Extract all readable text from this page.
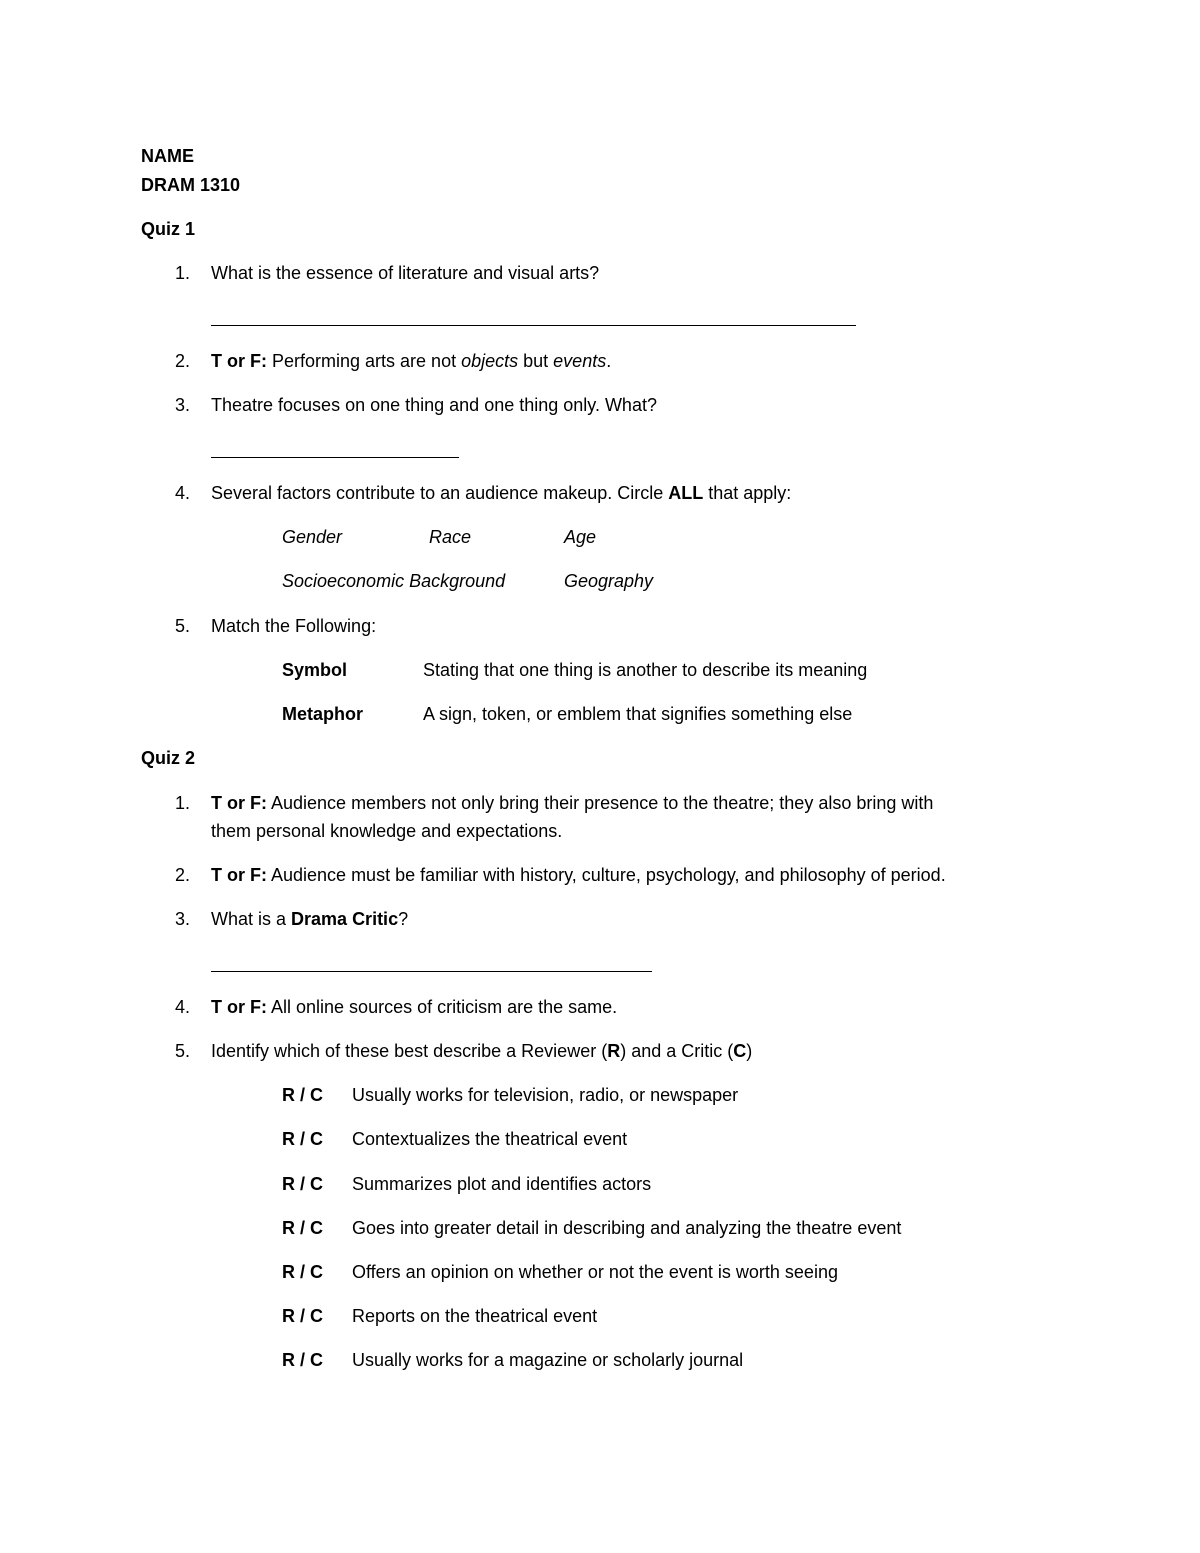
NAME
DRAM 1310
Quiz 1
1. What is the essence of literature and visual arts?
2. T or F: Performing arts are not objects but events.
3. Theatre focuses on one thing and one thing only. What?
4. Several factors contribute to an audience makeup. Circle ALL that apply:
Gender	Race	Age
Socioeconomic Background	Geography
5. Match the Following:
Symbol	Stating that one thing is another to describe its meaning
Metaphor	A sign, token, or emblem that signifies something else
Quiz 2
1. T or F: Audience members not only bring their presence to the theatre; they also bring with
them personal knowledge and expectations.
2. T or F: Audience must be familiar with history, culture, psychology, and philosophy of period.
3. What is a Drama Critic?
4. T or F: All online sources of criticism are the same.
5. Identify which of these best describe a Reviewer (R) and a Critic (C)
R / C Usually works for television, radio, or newspaper
R / C Contextualizes the theatrical event
R / C Summarizes plot and identifies actors
R / C Goes into greater detail in describing and analyzing the theatre event
R / C Offers an opinion on whether or not the event is worth seeing
R / C Reports on the theatrical event
R / C Usually works for a magazine or scholarly journal
